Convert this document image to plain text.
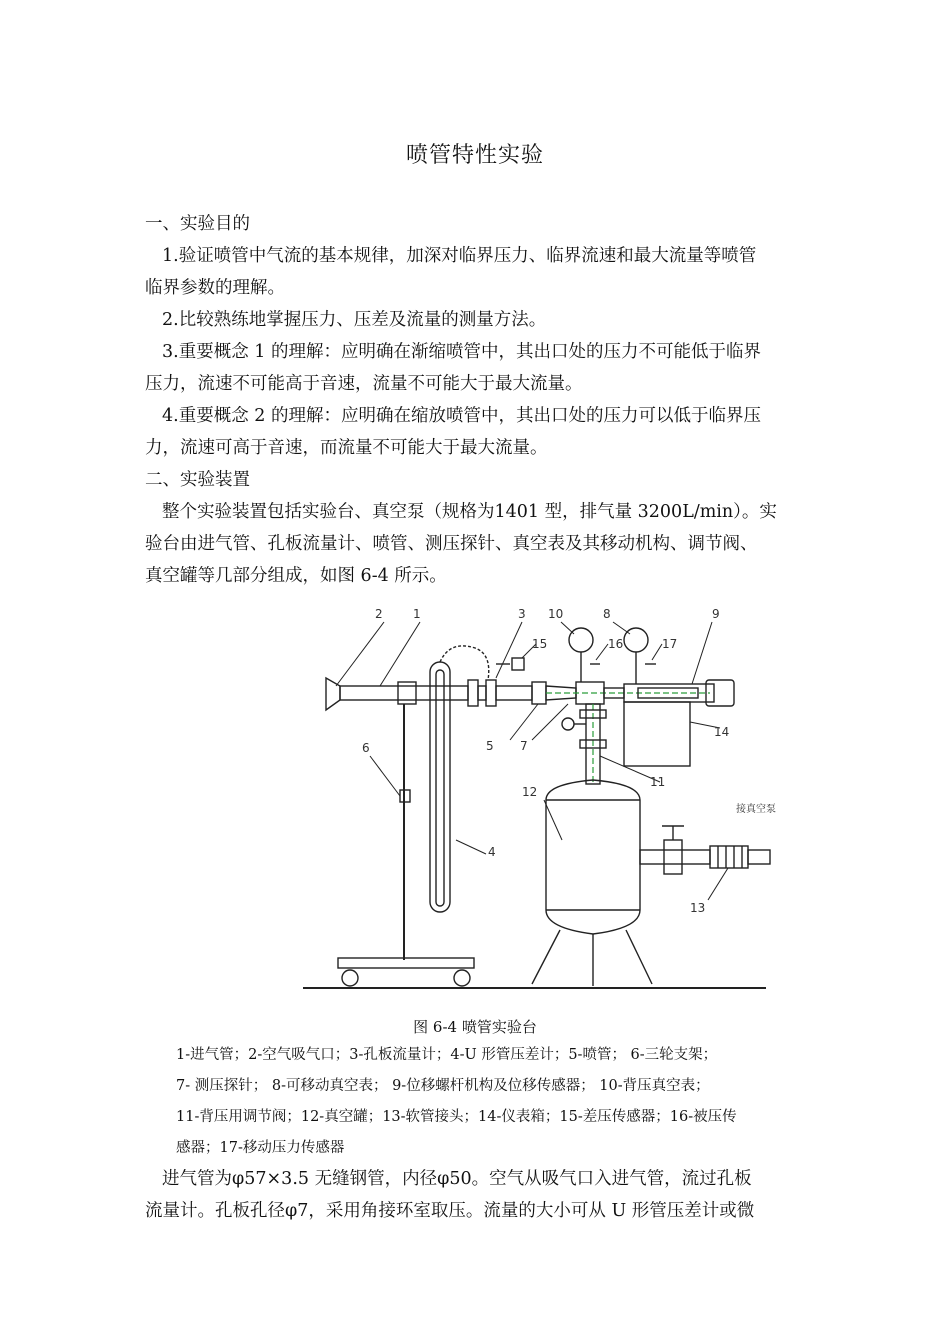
喷管特性实验
一、实验目的
1.验证喷管中气流的基本规律，加深对临界压力、临界流速和最大流量等喷管
临界参数的理解。
2.比较熟练地掌握压力、压差及流量的测量方法。
3.重要概念 1 的理解：应明确在渐缩喷管中，其出口处的压力不可能低于临界
压力，流速不可能高于音速，流量不可能大于最大流量。
4.重要概念 2 的理解：应明确在缩放喷管中，其出口处的压力可以低于临界压
力，流速可高于音速，而流量不可能大于最大流量。
二、实验装置
整个实验装置包括实验台、真空泵（规格为1401 型，排气量 3200L/min）。实
验台由进气管、孔板流量计、喷管、测压探针、真空表及其移动机构、调节阀、
真空罐等几部分组成，如图 6-4 所示。
2	1	3
4
5
6	7
8	9
10
11
12
13
14
15	16	17
接真空泵
图 6-4 喷管实验台
1-进气管；2-空气吸气口；3-孔板流量计；4-U 形管压差计；5-喷管； 6-三轮支架；
7- 测压探针； 8-可移动真空表； 9-位移螺杆机构及位移传感器； 10-背压真空表；
11-背压用调节阀；12-真空罐；13-软管接头；14-仪表箱；15-差压传感器；16-被压传
感器；17-移动压力传感器
进气管为φ57×3.5 无缝钢管，内径φ50。空气从吸气口入进气管，流过孔板
流量计。孔板孔径φ7，采用角接环室取压。流量的大小可从 U 形管压差计或微
